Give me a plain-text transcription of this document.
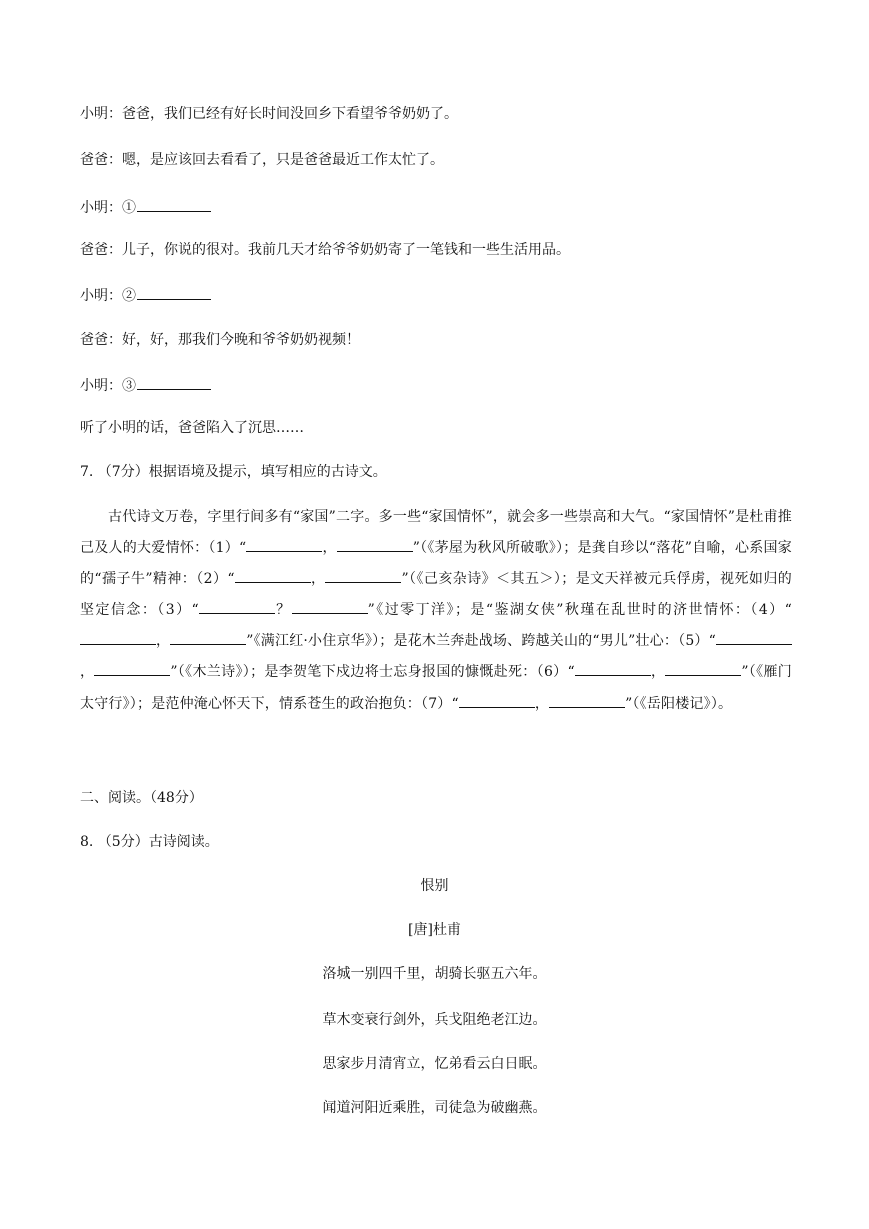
小明：爸爸，我们已经有好长时间没回乡下看望爷爷奶奶了。
爸爸：嗯，是应该回去看看了，只是爸爸最近工作太忙了。
小明：①
爸爸：儿子，你说的很对。我前几天才给爷爷奶奶寄了一笔钱和一些生活用品。
小明：②
爸爸：好，好，那我们今晚和爷爷奶奶视频！
小明：③
听了小明的话，爸爸陷入了沉思……
7. （7分）根据语境及提示，填写相应的古诗文。
古代诗文万卷，字里行间多有“家国”二字。多一些“家国情怀”，就会多一些崇高和大气。“家国情怀”是杜甫推己及人的大爱情怀：（1）“	，	”（《茅屋为秋风所破歌》）；是龚自珍以“落花”自喻，心系国家的“孺子牛”精神：（2）“	，	”（《己亥杂诗》＜其五＞）；是文天祥被元兵俘虏，视死如归的坚定信念：（3）“	？	”《过零丁洋》；是“鉴湖女侠”秋瑾在乱世时的济世情怀：（4）“，	”《满江红·小住京华》）；是花木兰奔赴战场、跨越关山的“男儿”壮心：（5）“，	”（《木兰诗》）；是李贺笔下戍边将士忘身报国的慷慨赴死：（6）“	，	”（《雁门太守行》）；是范仲淹心怀天下，情系苍生的政治抱负：（7）“	，	”（《岳阳楼记》）。
二、阅读。（48分）
8. （5分）古诗阅读。
恨别
[唐]杜甫
洛城一别四千里，胡骑长驱五六年。
草木变衰行剑外，兵戈阻绝老江边。
思家步月清宵立，忆弟看云白日眠。
闻道河阳近乘胜，司徒急为破幽燕。
